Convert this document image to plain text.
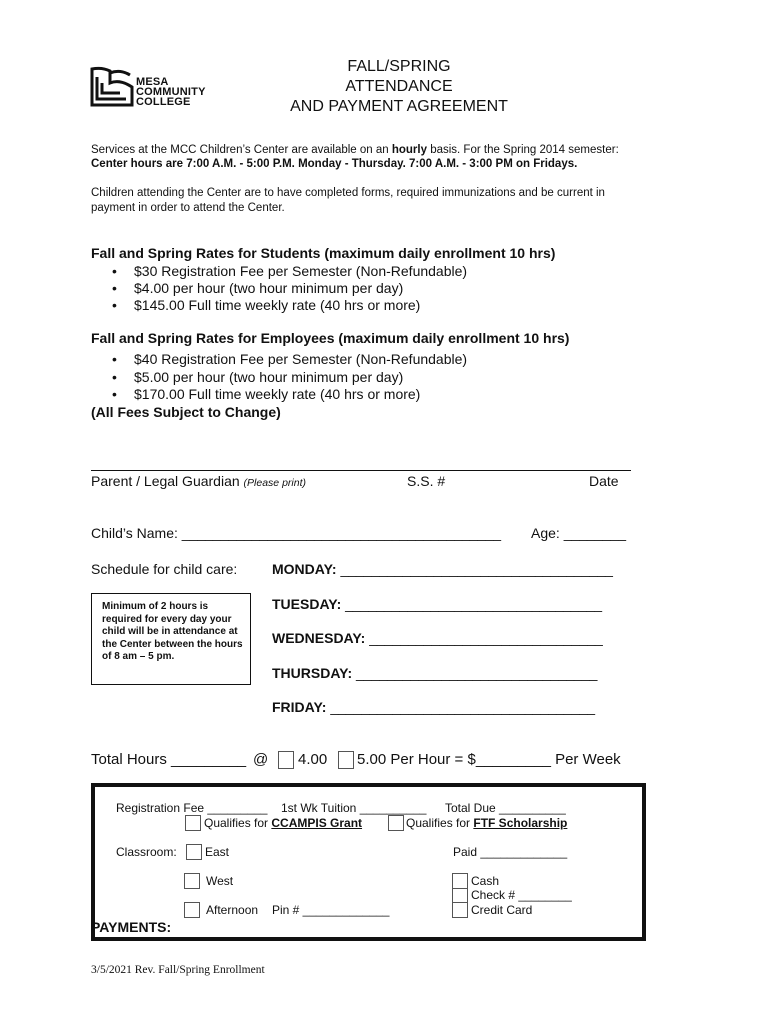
MESA
COMMUNITY
COLLEGE
FALL/SPRING
ATTENDANCE
AND PAYMENT AGREEMENT
Services at the MCC Children’s Center are available on an hourly basis. For the Spring 2014 semester:
Center hours are 7:00 A.M. - 5:00 P.M. Monday - Thursday. 7:00 A.M. - 3:00 PM on Fridays.
Children attending the Center are to have completed forms, required immunizations and be current in
payment in order to attend the Center.
Fall and Spring Rates for Students (maximum daily enrollment 10 hrs)
• $30 Registration Fee per Semester (Non-Refundable)
• $4.00 per hour (two hour minimum per day)
• $145.00 Full time weekly rate (40 hrs or more)
Fall and Spring Rates for Employees (maximum daily enrollment 10 hrs)
• $40 Registration Fee per Semester (Non-Refundable)
• $5.00 per hour (two hour minimum per day)
• $170.00 Full time weekly rate (40 hrs or more)
(All Fees Subject to Change)
Parent / Legal Guardian (Please print)	S.S. #	Date
Child’s Name: _________________________________________ Age: ________
Schedule for child care: MONDAY: ___________________________________
TUESDAY: _________________________________
WEDNESDAY: ______________________________
THURSDAY: _______________________________
FRIDAY: __________________________________
Minimum of 2 hours is required for every day your child will be in attendance at the Center between the hours of 8 am – 5 pm.
Total Hours _________ @ 4.00 5.00 Per Hour = $_________ Per Week
Registration Fee _________ 1st Wk Tuition __________ Total Due __________
Qualifies for CCAMPIS Grant	Qualifies for FTF Scholarship
Classroom: East	Paid _____________
West	Cash
Check # ________
Afternoon Pin # _____________	Credit Card
PAYMENTS:
3/5/2021 Rev. Fall/Spring Enrollment
